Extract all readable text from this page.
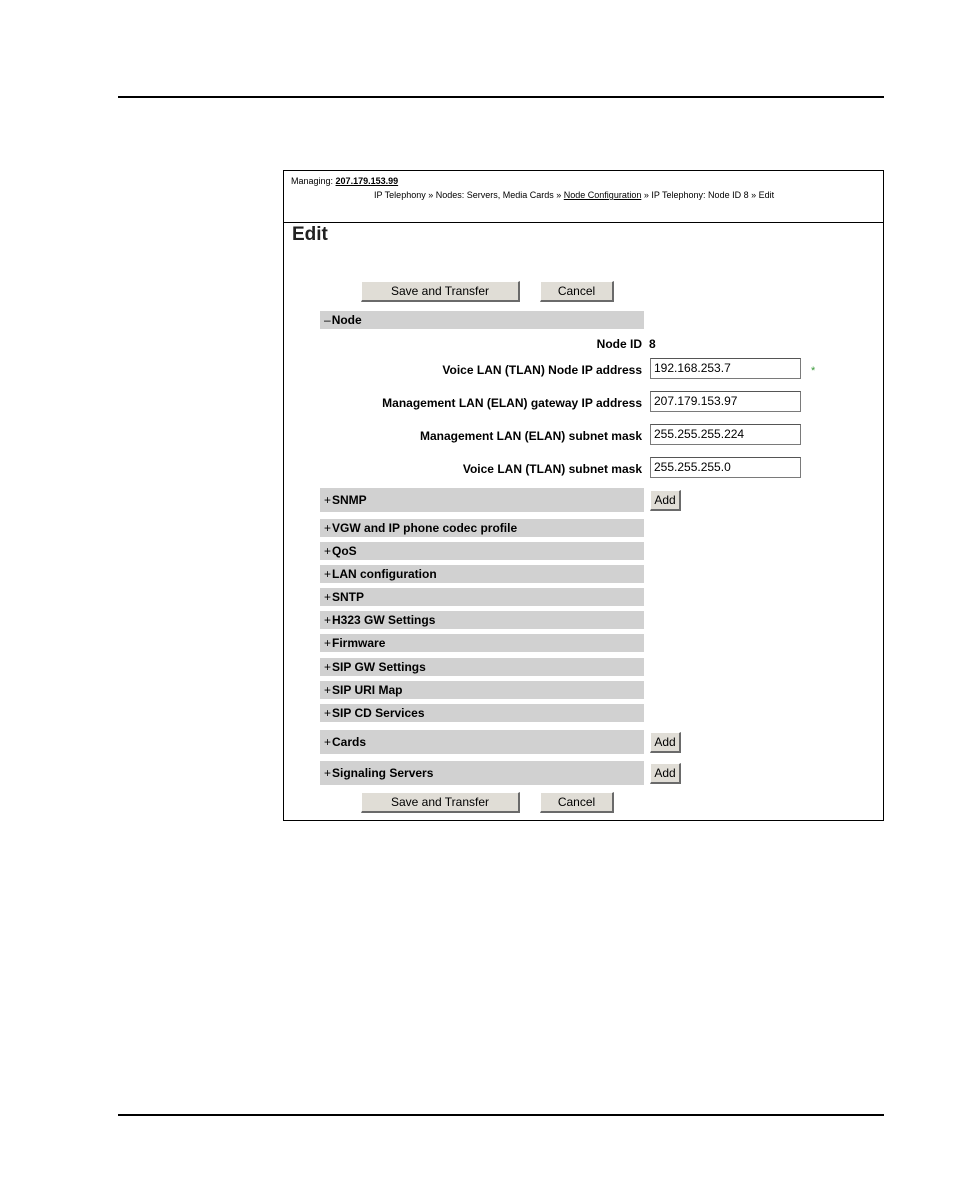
Managing: 207.179.153.99
IP Telephony » Nodes: Servers, Media Cards » Node Configuration » IP Telephony: Node ID 8 » Edit
Edit
Save and Transfer	Cancel
–Node
Node ID 8
Voice LAN (TLAN) Node IP address	192.168.253.7	*
Management LAN (ELAN) gateway IP address	207.179.153.97
Management LAN (ELAN) subnet mask	255.255.255.224
Voice LAN (TLAN) subnet mask	255.255.255.0
+SNMP	Add
+VGW and IP phone codec profile
+QoS
+LAN configuration
+SNTP
+H323 GW Settings
+Firmware
+SIP GW Settings
+SIP URI Map
+SIP CD Services
+Cards	Add
+Signaling Servers	Add
Save and Transfer	Cancel
